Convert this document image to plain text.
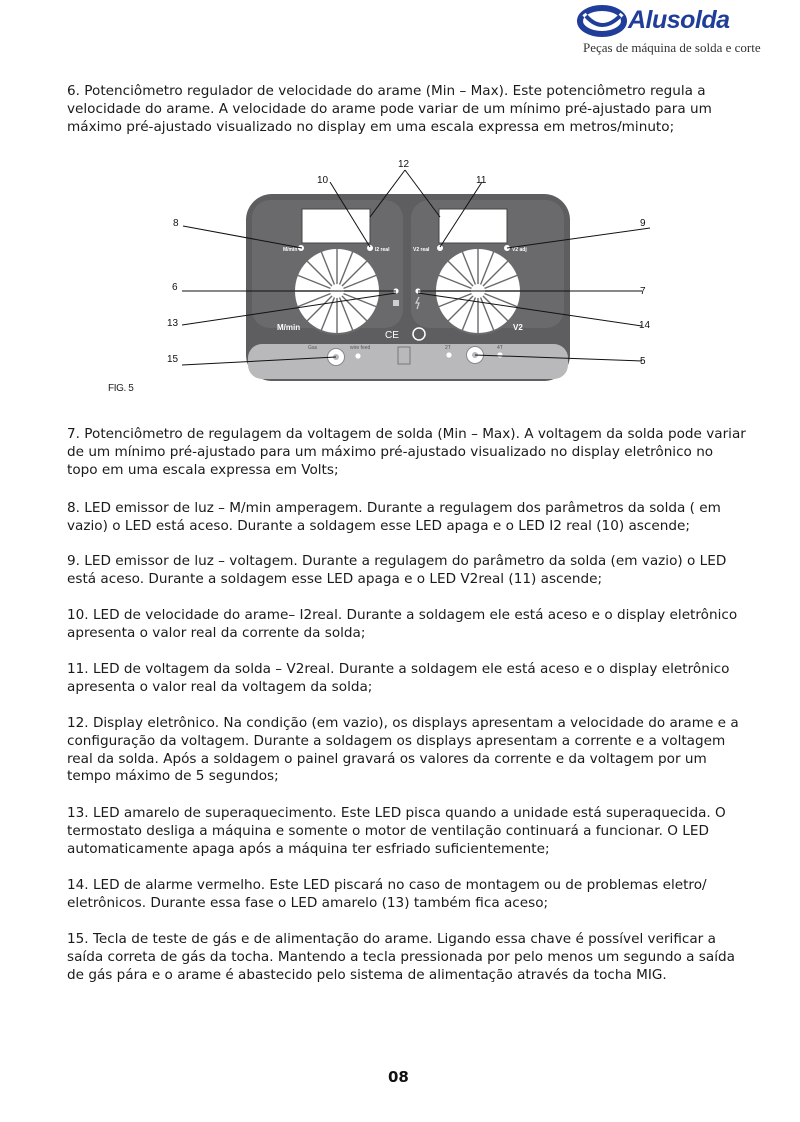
Alusolda
Peças de máquina de solda e corte

6. Potenciômetro regulador de velocidade do arame (Min – Max). Este potenciômetro regula a velocidade do arame. A velocidade do arame pode variar de um mínimo pré-ajustado para um máximo pré-ajustado visualizado no display em uma escala expressa em metros/minuto;

M/min	I2 real	V2 real	V2 adj
M/min	V2
CE
Gas	wire feed	2T	4T
8	9
10	11
12
6	7
13	14
15	5
FIG. 5

7. Potenciômetro de regulagem da voltagem de solda (Min – Max). A voltagem da solda pode variar de um mínimo pré-ajustado para um máximo pré-ajustado visualizado no display eletrônico no topo em uma escala expressa em Volts;

8. LED emissor de luz – M/min amperagem. Durante a regulagem dos parâmetros da solda ( em vazio) o LED está aceso. Durante a soldagem esse LED apaga e o LED I2 real (10) ascende;

9. LED emissor de luz – voltagem. Durante a regulagem do parâmetro da solda (em vazio) o LED está aceso. Durante a soldagem esse LED apaga e o LED V2real (11) ascende;

10. LED de velocidade do arame– I2real. Durante a soldagem ele está aceso e o display eletrônico apresenta o valor real da corrente da solda;

11. LED de voltagem da solda – V2real. Durante a soldagem ele está aceso e o display eletrônico apresenta o valor real da voltagem da solda;

12. Display eletrônico. Na condição (em vazio), os displays apresentam a velocidade do arame e a configuração da voltagem. Durante a soldagem os displays apresentam a corrente e a voltagem real da solda. Após a soldagem o painel gravará os valores da corrente e da voltagem por um tempo máximo de 5 segundos;

13. LED amarelo de superaquecimento. Este LED pisca quando a unidade está superaquecida. O termostato desliga a máquina e somente o motor de ventilação continuará a funcionar. O LED automaticamente apaga após a máquina ter esfriado suficientemente;

14. LED de alarme vermelho. Este LED piscará no caso de montagem ou de problemas eletro/ eletrônicos. Durante essa fase o LED amarelo (13) também fica aceso;

15. Tecla de teste de gás e de alimentação do arame. Ligando essa chave é possível verificar a saída correta de gás da tocha. Mantendo a tecla pressionada por pelo menos um segundo a saída de gás pára e o arame é abastecido pelo sistema de alimentação através da tocha MIG.

08
